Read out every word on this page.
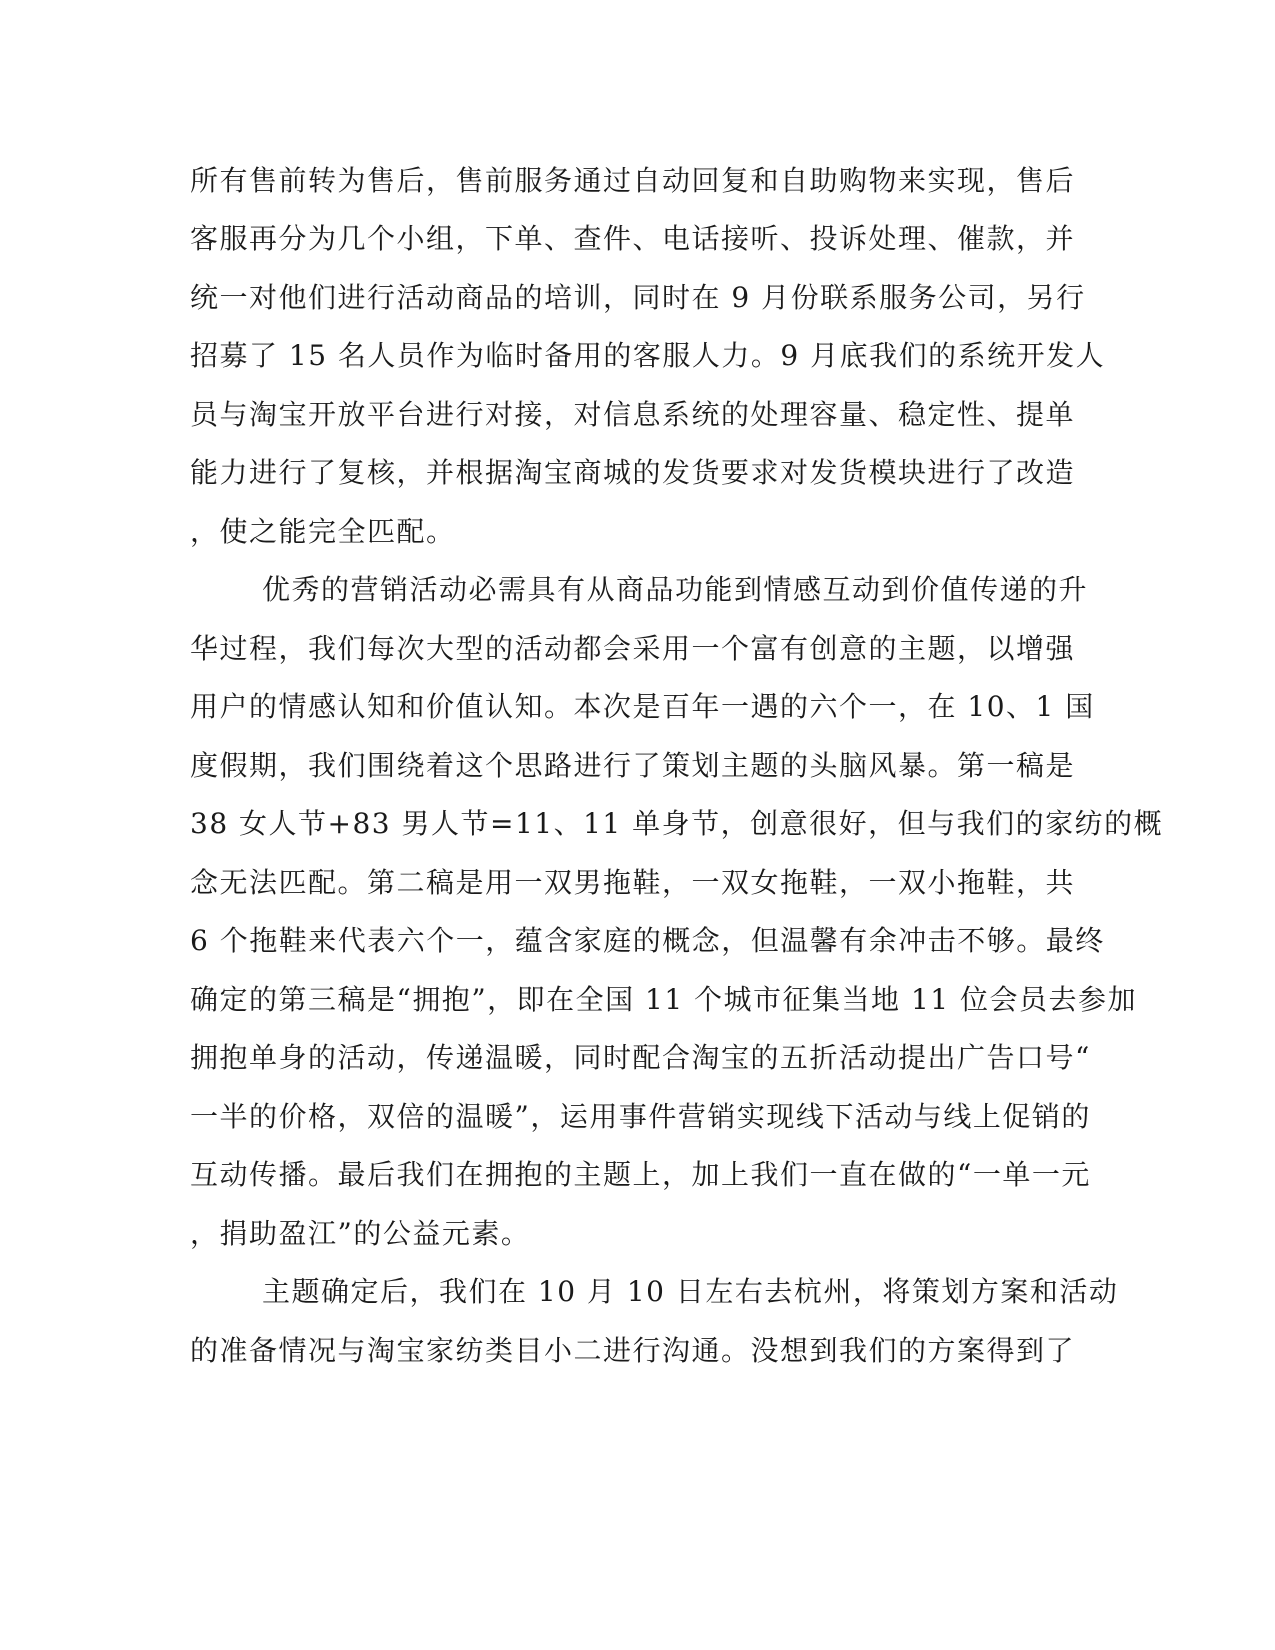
所有售前转为售后，售前服务通过自动回复和自助购物来实现，售后
客服再分为几个小组，下单、查件、电话接听、投诉处理、催款，并
统一对他们进行活动商品的培训，同时在 9 月份联系服务公司，另行
招募了 15 名人员作为临时备用的客服人力。9 月底我们的系统开发人
员与淘宝开放平台进行对接，对信息系统的处理容量、稳定性、提单
能力进行了复核，并根据淘宝商城的发货要求对发货模块进行了改造
，使之能完全匹配。
优秀的营销活动必需具有从商品功能到情感互动到价值传递的升
华过程，我们每次大型的活动都会采用一个富有创意的主题，以增强
用户的情感认知和价值认知。本次是百年一遇的六个一，在 10、1 国
度假期，我们围绕着这个思路进行了策划主题的头脑风暴。第一稿是
38 女人节+83 男人节=11、11 单身节，创意很好，但与我们的家纺的概
念无法匹配。第二稿是用一双男拖鞋，一双女拖鞋，一双小拖鞋，共
6 个拖鞋来代表六个一，蕴含家庭的概念，但温馨有余冲击不够。最终
确定的第三稿是“拥抱”，即在全国 11 个城市征集当地 11 位会员去参加
拥抱单身的活动，传递温暖，同时配合淘宝的五折活动提出广告口号“
一半的价格，双倍的温暖”，运用事件营销实现线下活动与线上促销的
互动传播。最后我们在拥抱的主题上，加上我们一直在做的“一单一元
，捐助盈江”的公益元素。
主题确定后，我们在 10 月 10 日左右去杭州，将策划方案和活动
的准备情况与淘宝家纺类目小二进行沟通。没想到我们的方案得到了
